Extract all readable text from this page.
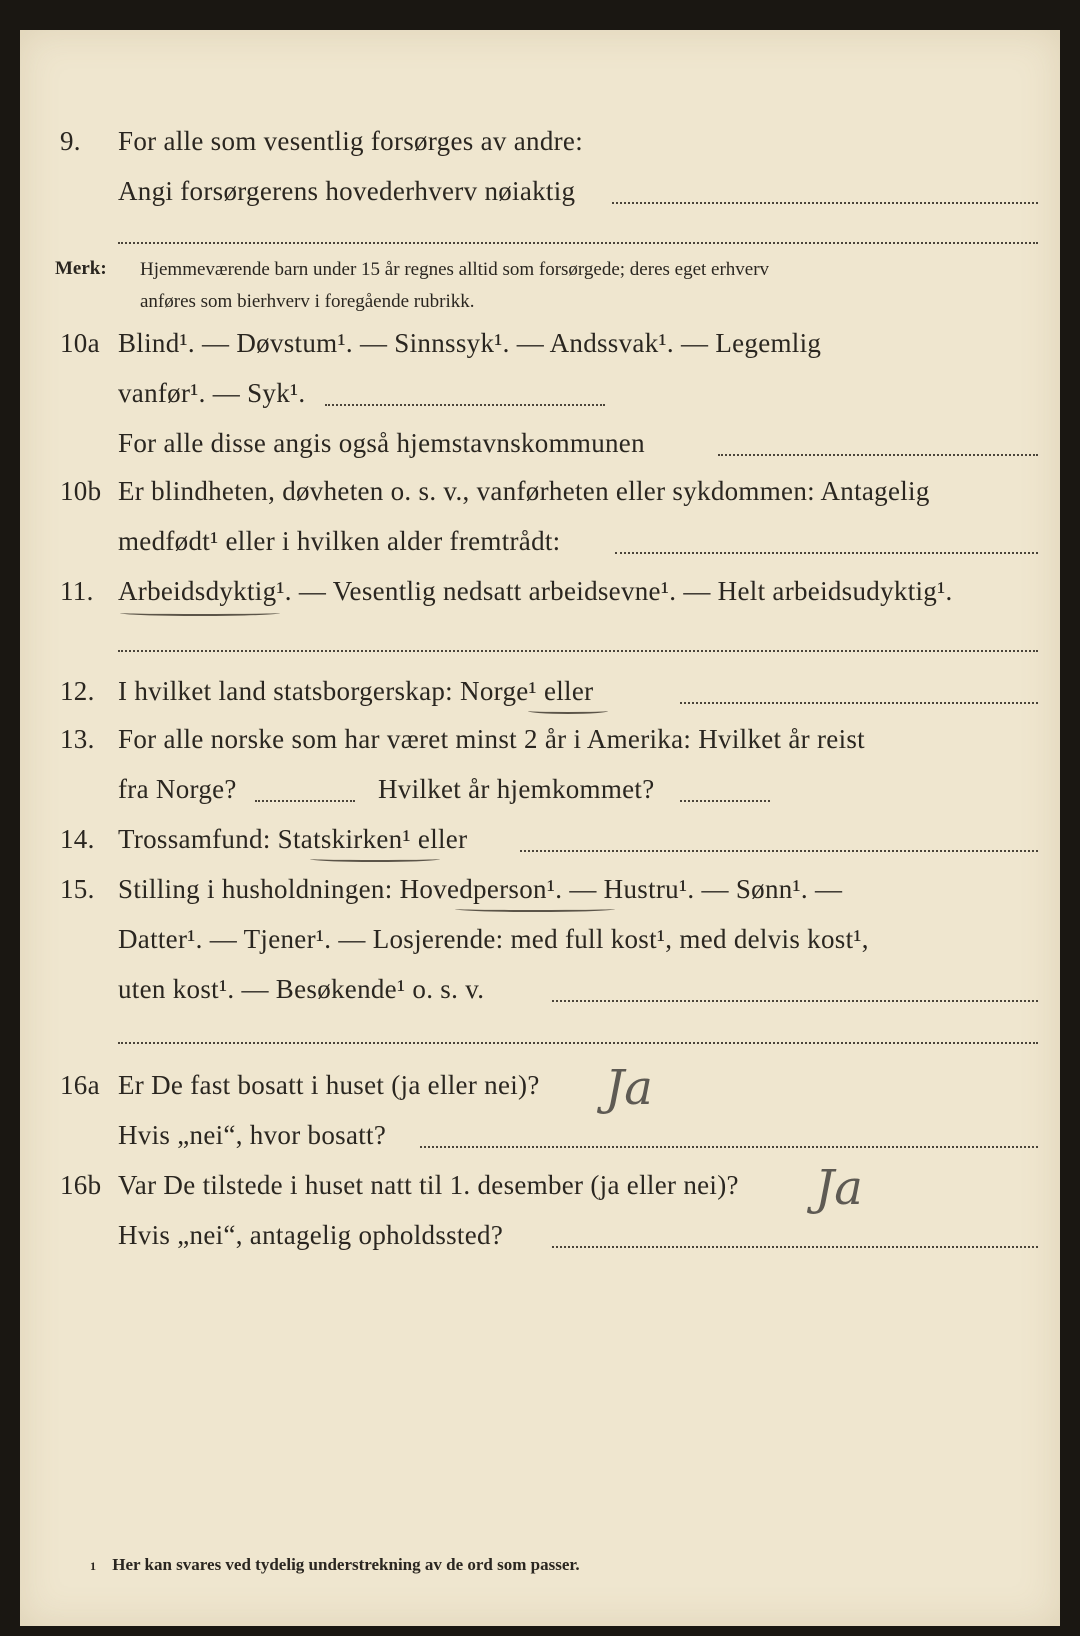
9. For alle som vesentlig forsørges av andre:
Angi forsørgerens hovederhverv nøiaktig
Merk: Hjemmeværende barn under 15 år regnes alltid som forsørgede; deres eget erhverv
anføres som bierhverv i foregående rubrikk.
10a Blind¹. — Døvstum¹. — Sinnssyk¹. — Andssvak¹. — Legemlig
vanfør¹. — Syk¹.
For alle disse angis også hjemstavnskommunen
10b Er blindheten, døvheten o. s. v., vanførheten eller sykdommen: Antagelig
medfødt¹ eller i hvilken alder fremtrådt:
11. Arbeidsdyktig¹. — Vesentlig nedsatt arbeidsevne¹. — Helt arbeidsudyktig¹.
12. I hvilket land statsborgerskap: Norge¹ eller
13. For alle norske som har været minst 2 år i Amerika: Hvilket år reist
fra Norge?	Hvilket år hjemkommet?
14. Trossamfund: Statskirken¹ eller
15. Stilling i husholdningen: Hovedperson¹. — Hustru¹. — Sønn¹. —
Datter¹. — Tjener¹. — Losjerende: med full kost¹, med delvis kost¹,
uten kost¹. — Besøkende¹ o. s. v.
16a Er De fast bosatt i huset (ja eller nei)? Ja
Hvis „nei“, hvor bosatt?
16b Var De tilstede i huset natt til 1. desember (ja eller nei)? Ja
Hvis „nei“, antagelig opholdssted?
1 Her kan svares ved tydelig understrekning av de ord som passer.
